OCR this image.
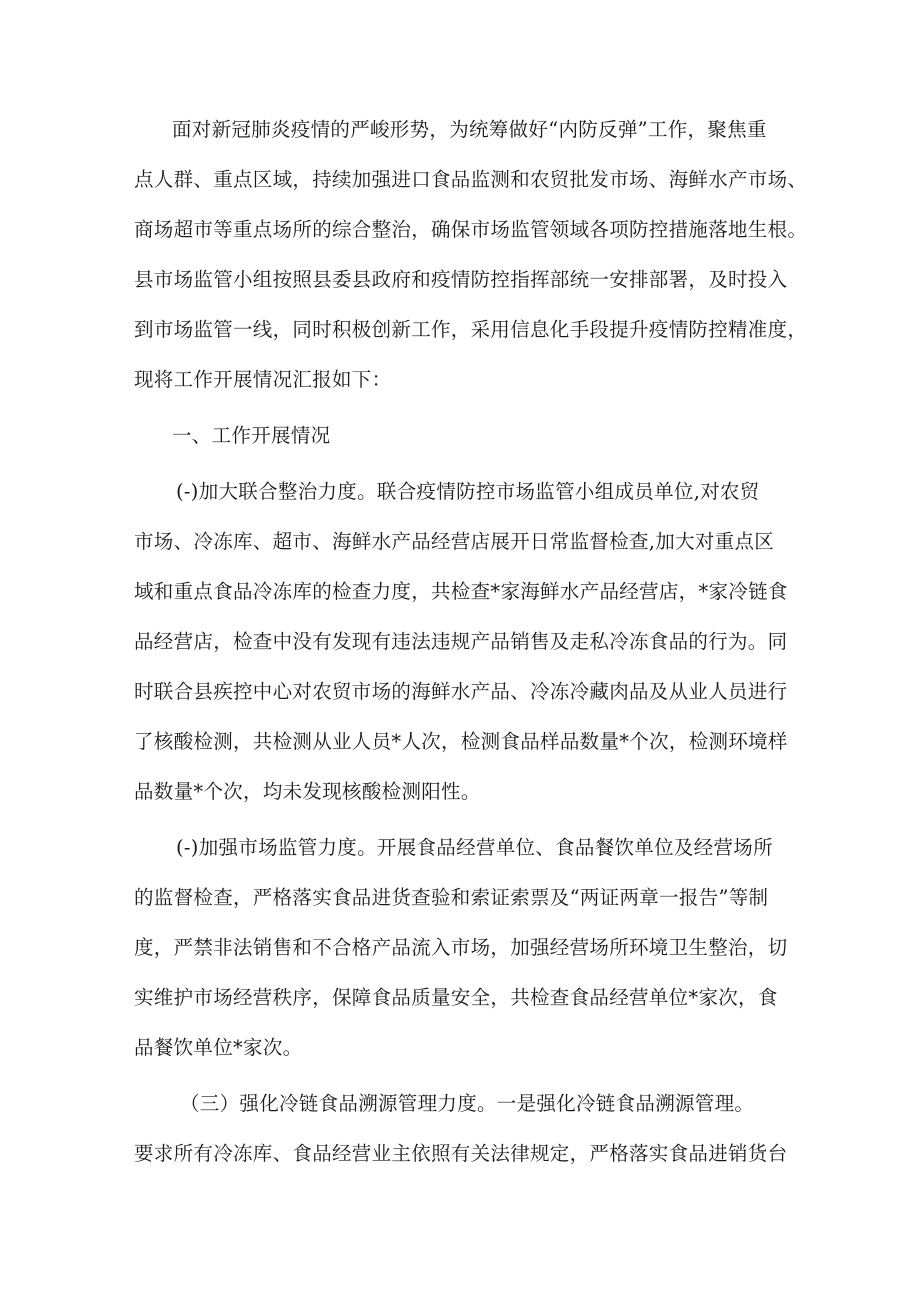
面对新冠肺炎疫情的严峻形势，为统筹做好“内防反弹”工作，聚焦重
点人群、重点区域，持续加强进口食品监测和农贸批发市场、海鲜水产市场、
商场超市等重点场所的综合整治，确保市场监管领域各项防控措施落地生根。
县市场监管小组按照县委县政府和疫情防控指挥部统一安排部署，及时投入
到市场监管一线，同时积极创新工作，采用信息化手段提升疫情防控精准度，
现将工作开展情况汇报如下：
一、工作开展情况
(-)加大联合整治力度。联合疫情防控市场监管小组成员单位,对农贸
市场、冷冻库、超市、海鲜水产品经营店展开日常监督检查,加大对重点区
域和重点食品冷冻库的检查力度，共检查*家海鲜水产品经营店，*家冷链食
品经营店，检查中没有发现有违法违规产品销售及走私冷冻食品的行为。同
时联合县疾控中心对农贸市场的海鲜水产品、冷冻冷藏肉品及从业人员进行
了核酸检测，共检测从业人员*人次，检测食品样品数量*个次，检测环境样
品数量*个次，均未发现核酸检测阳性。
(-)加强市场监管力度。开展食品经营单位、食品餐饮单位及经营场所
的监督检查，严格落实食品进货查验和索证索票及“两证两章一报告”等制
度，严禁非法销售和不合格产品流入市场，加强经营场所环境卫生整治，切
实维护市场经营秩序，保障食品质量安全，共检查食品经营单位*家次，食
品餐饮单位*家次。
（三）强化冷链食品溯源管理力度。一是强化冷链食品溯源管理。
要求所有冷冻库、食品经营业主依照有关法律规定，严格落实食品进销货台
